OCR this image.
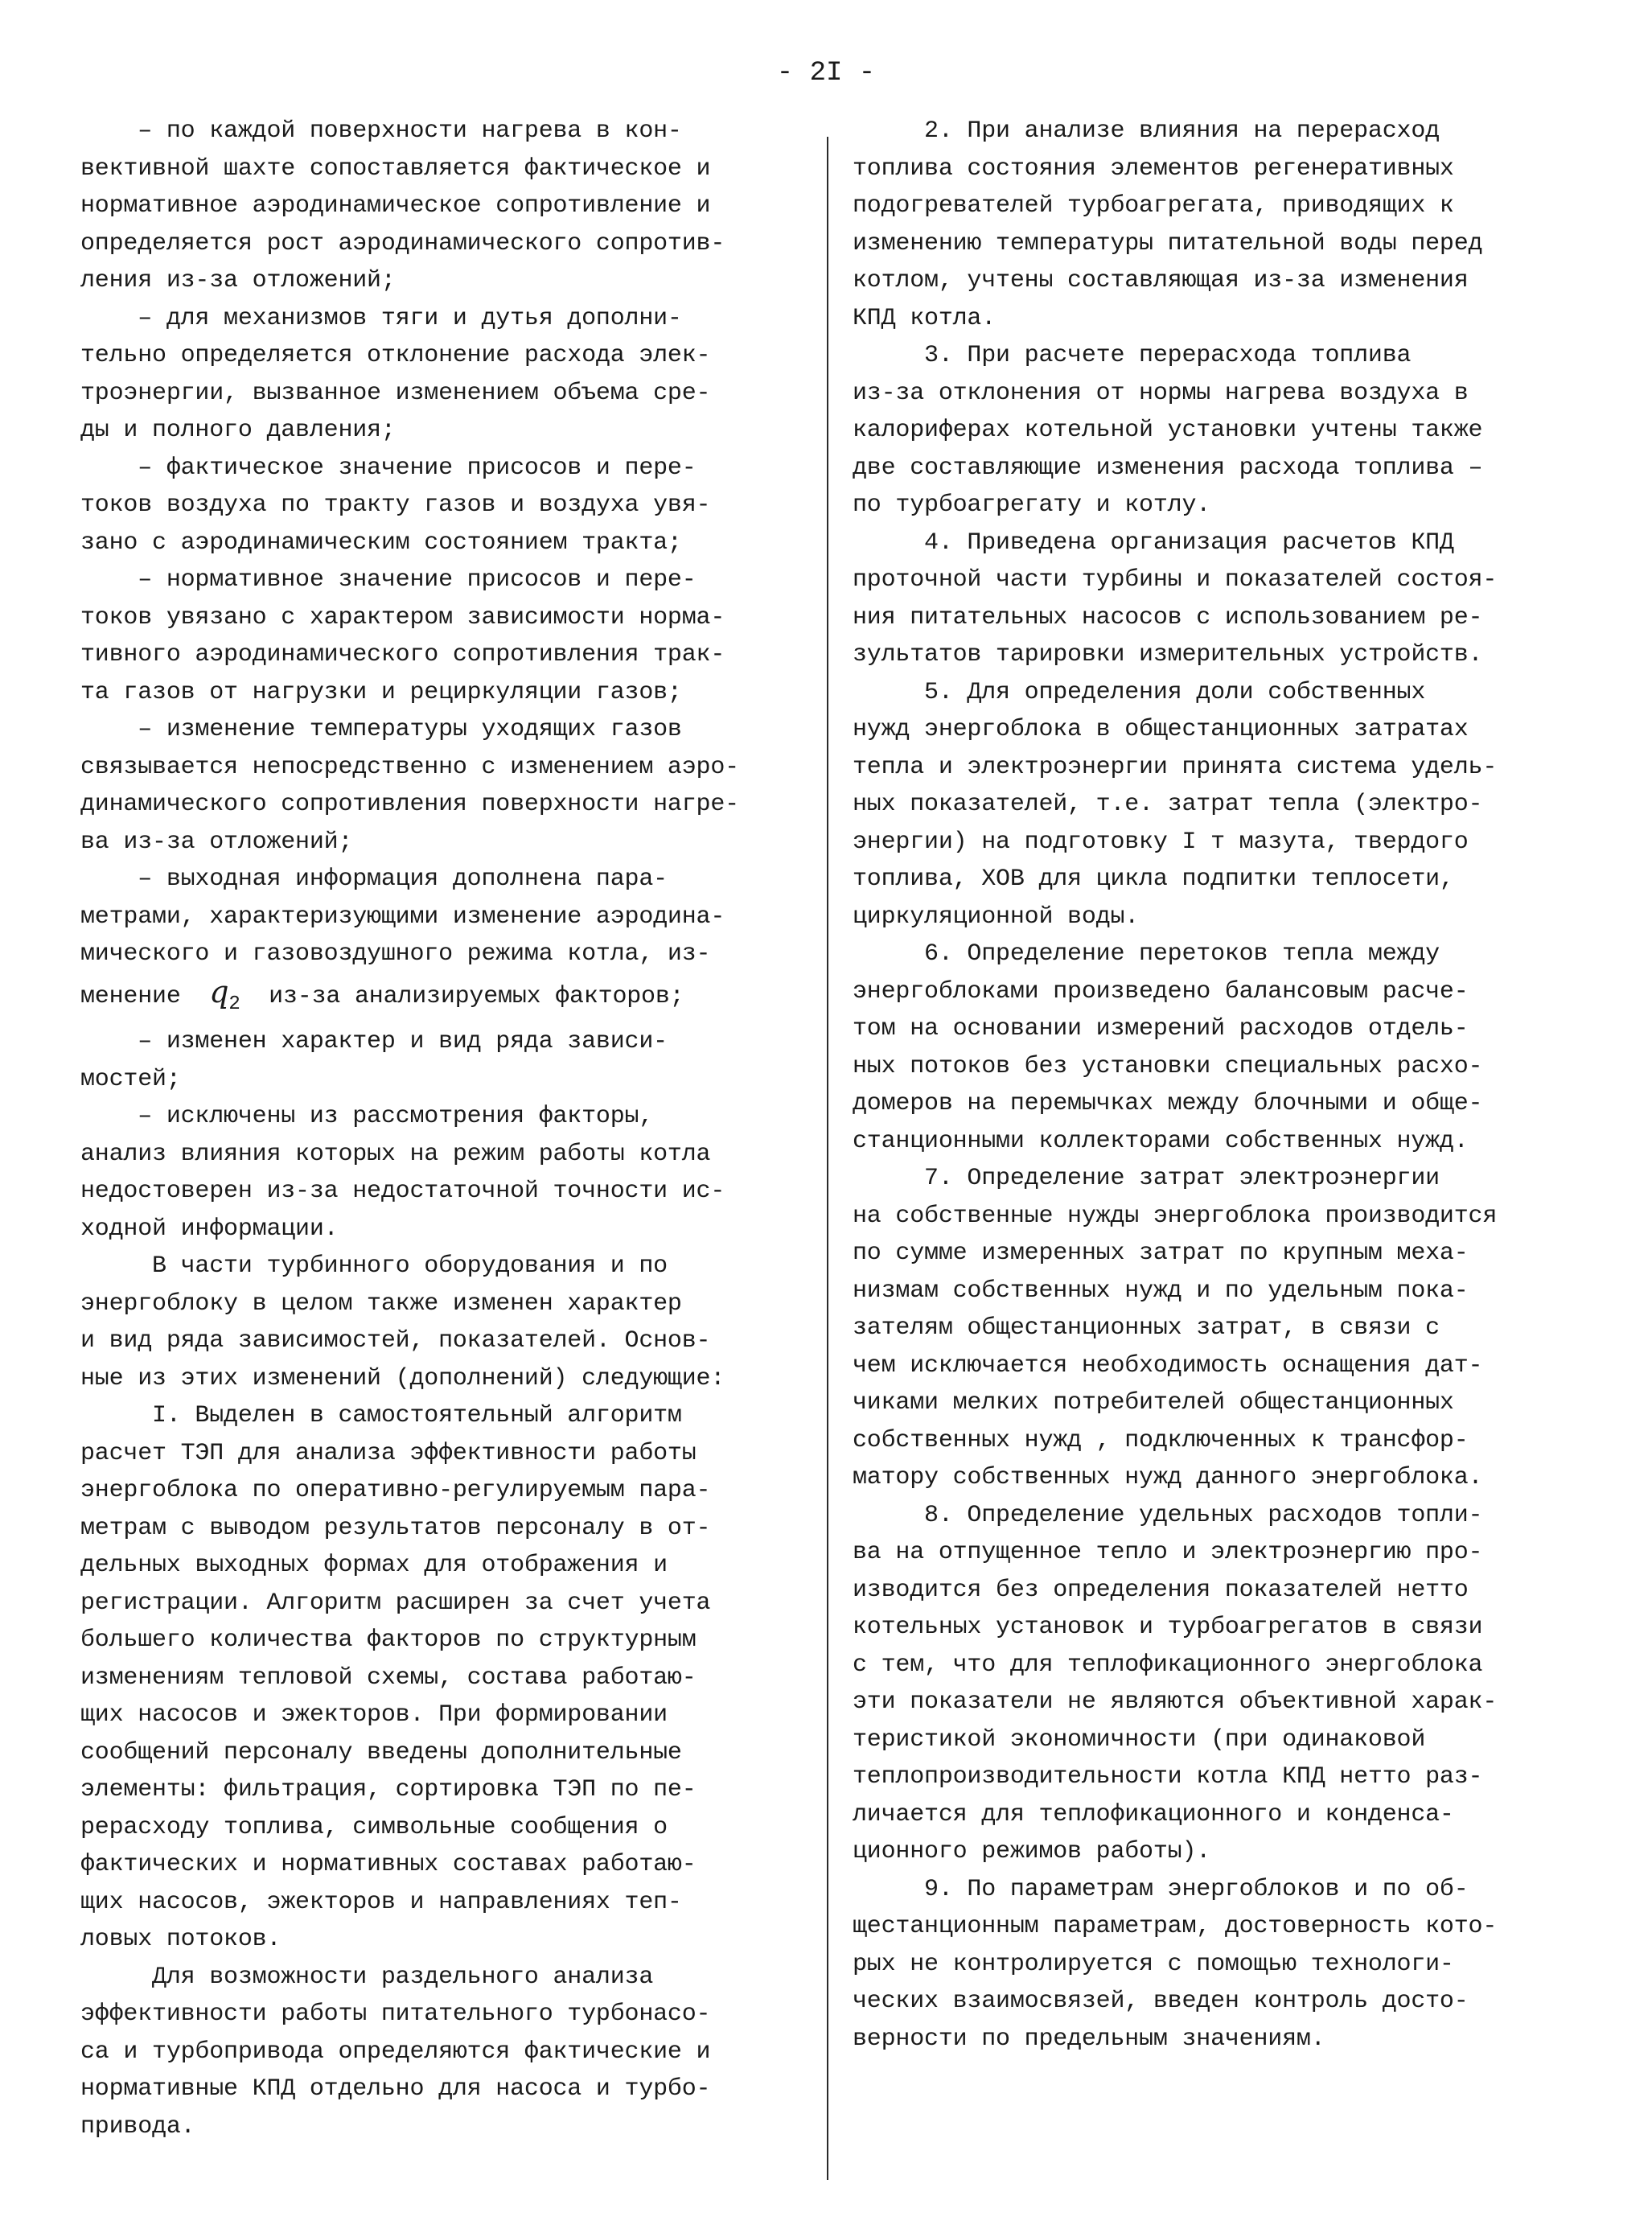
- 2I -
– по каждой поверхности нагрева в кон-
вективной шахте сопоставляется фактическое и
нормативное аэродинамическое сопротивление и
определяется рост аэродинамического сопротив-
ления из-за отложений;
– для механизмов тяги и дутья дополни-
тельно определяется отклонение расхода элек-
троэнергии, вызванное изменением объема сре-
ды и полного давления;
– фактическое значение присосов и пере-
токов воздуха по тракту газов и воздуха увя-
зано с аэродинамическим состоянием тракта;
– нормативное значение присосов и пере-
токов увязано с характером зависимости норма-
тивного аэродинамического сопротивления трак-
та газов от нагрузки и рециркуляции газов;
– изменение температуры уходящих газов
связывается непосредственно с изменением аэро-
динамического сопротивления поверхности нагре-
ва из-за отложений;
– выходная информация дополнена пара-
метрами, характеризующими изменение аэродина-
мического и газовоздушного режима котла, из-
менение  $q_2$  из-за анализируемых факторов;
– изменен характер и вид ряда зависи-
мостей;
– исключены из рассмотрения факторы,
анализ влияния которых на режим работы котла
недостоверен из-за недостаточной точности ис-
ходной информации.
В части турбинного оборудования и по
энергоблоку в целом также изменен характер
и вид ряда зависимостей, показателей. Основ-
ные из этих изменений (дополнений) следующие:
I. Выделен в самостоятельный алгоритм
расчет ТЭП для анализа эффективности работы
энергоблока по оперативно-регулируемым пара-
метрам с выводом результатов персоналу в от-
дельных выходных формах для отображения и
регистрации. Алгоритм расширен за счет учета
большего количества факторов по структурным
изменениям тепловой схемы, состава работаю-
щих насосов и эжекторов. При формировании
сообщений персоналу введены дополнительные
элементы: фильтрация, сортировка ТЭП по пе-
рерасходу топлива, символьные сообщения о
фактических и нормативных составах работаю-
щих насосов, эжекторов и направлениях теп-
ловых потоков.
Для возможности раздельного анализа
эффективности работы питательного турбонасо-
са и турбопривода определяются фактические и
нормативные КПД отдельно для насоса и турбо-
привода.
2. При анализе влияния на перерасход
топлива состояния элементов регенеративных
подогревателей турбоагрегата, приводящих к
изменению температуры питательной воды перед
котлом, учтены составляющая из-за изменения
КПД котла.
3. При расчете перерасхода топлива
из-за отклонения от нормы нагрева воздуха в
калориферах котельной установки учтены также
две составляющие изменения расхода топлива –
по турбоагрегату и котлу.
4. Приведена организация расчетов КПД
проточной части турбины и показателей состоя-
ния питательных насосов с использованием ре-
зультатов тарировки измерительных устройств.
5. Для определения доли собственных
нужд энергоблока в общестанционных затратах
тепла и электроэнергии принята система удель-
ных показателей, т.е. затрат тепла (электро-
энергии) на подготовку I т мазута, твердого
топлива, ХОВ для цикла подпитки теплосети,
циркуляционной воды.
6. Определение перетоков тепла между
энергоблоками произведено балансовым расче-
том на основании измерений расходов отдель-
ных потоков без установки специальных расхо-
домеров на перемычках между блочными и обще-
станционными коллекторами собственных нужд.
7. Определение затрат электроэнергии
на собственные нужды энергоблока производится
по сумме измеренных затрат по крупным меха-
низмам собственных нужд и по удельным пока-
зателям общестанционных затрат, в связи с
чем исключается необходимость оснащения дат-
чиками мелких потребителей общестанционных
собственных нужд , подключенных к трансфор-
матору собственных нужд данного энергоблока.
8. Определение удельных расходов топли-
ва на отпущенное тепло и электроэнергию про-
изводится без определения показателей нетто
котельных установок и турбоагрегатов в связи
с тем, что для теплофикационного энергоблока
эти показатели не являются объективной харак-
теристикой экономичности (при одинаковой
теплопроизводительности котла КПД нетто раз-
личается для теплофикационного и конденса-
ционного режимов работы).
9. По параметрам энергоблоков и по об-
щестанционным параметрам, достоверность кото-
рых не контролируется с помощью технологи-
ческих взаимосвязей, введен контроль досто-
верности по предельным значениям.
